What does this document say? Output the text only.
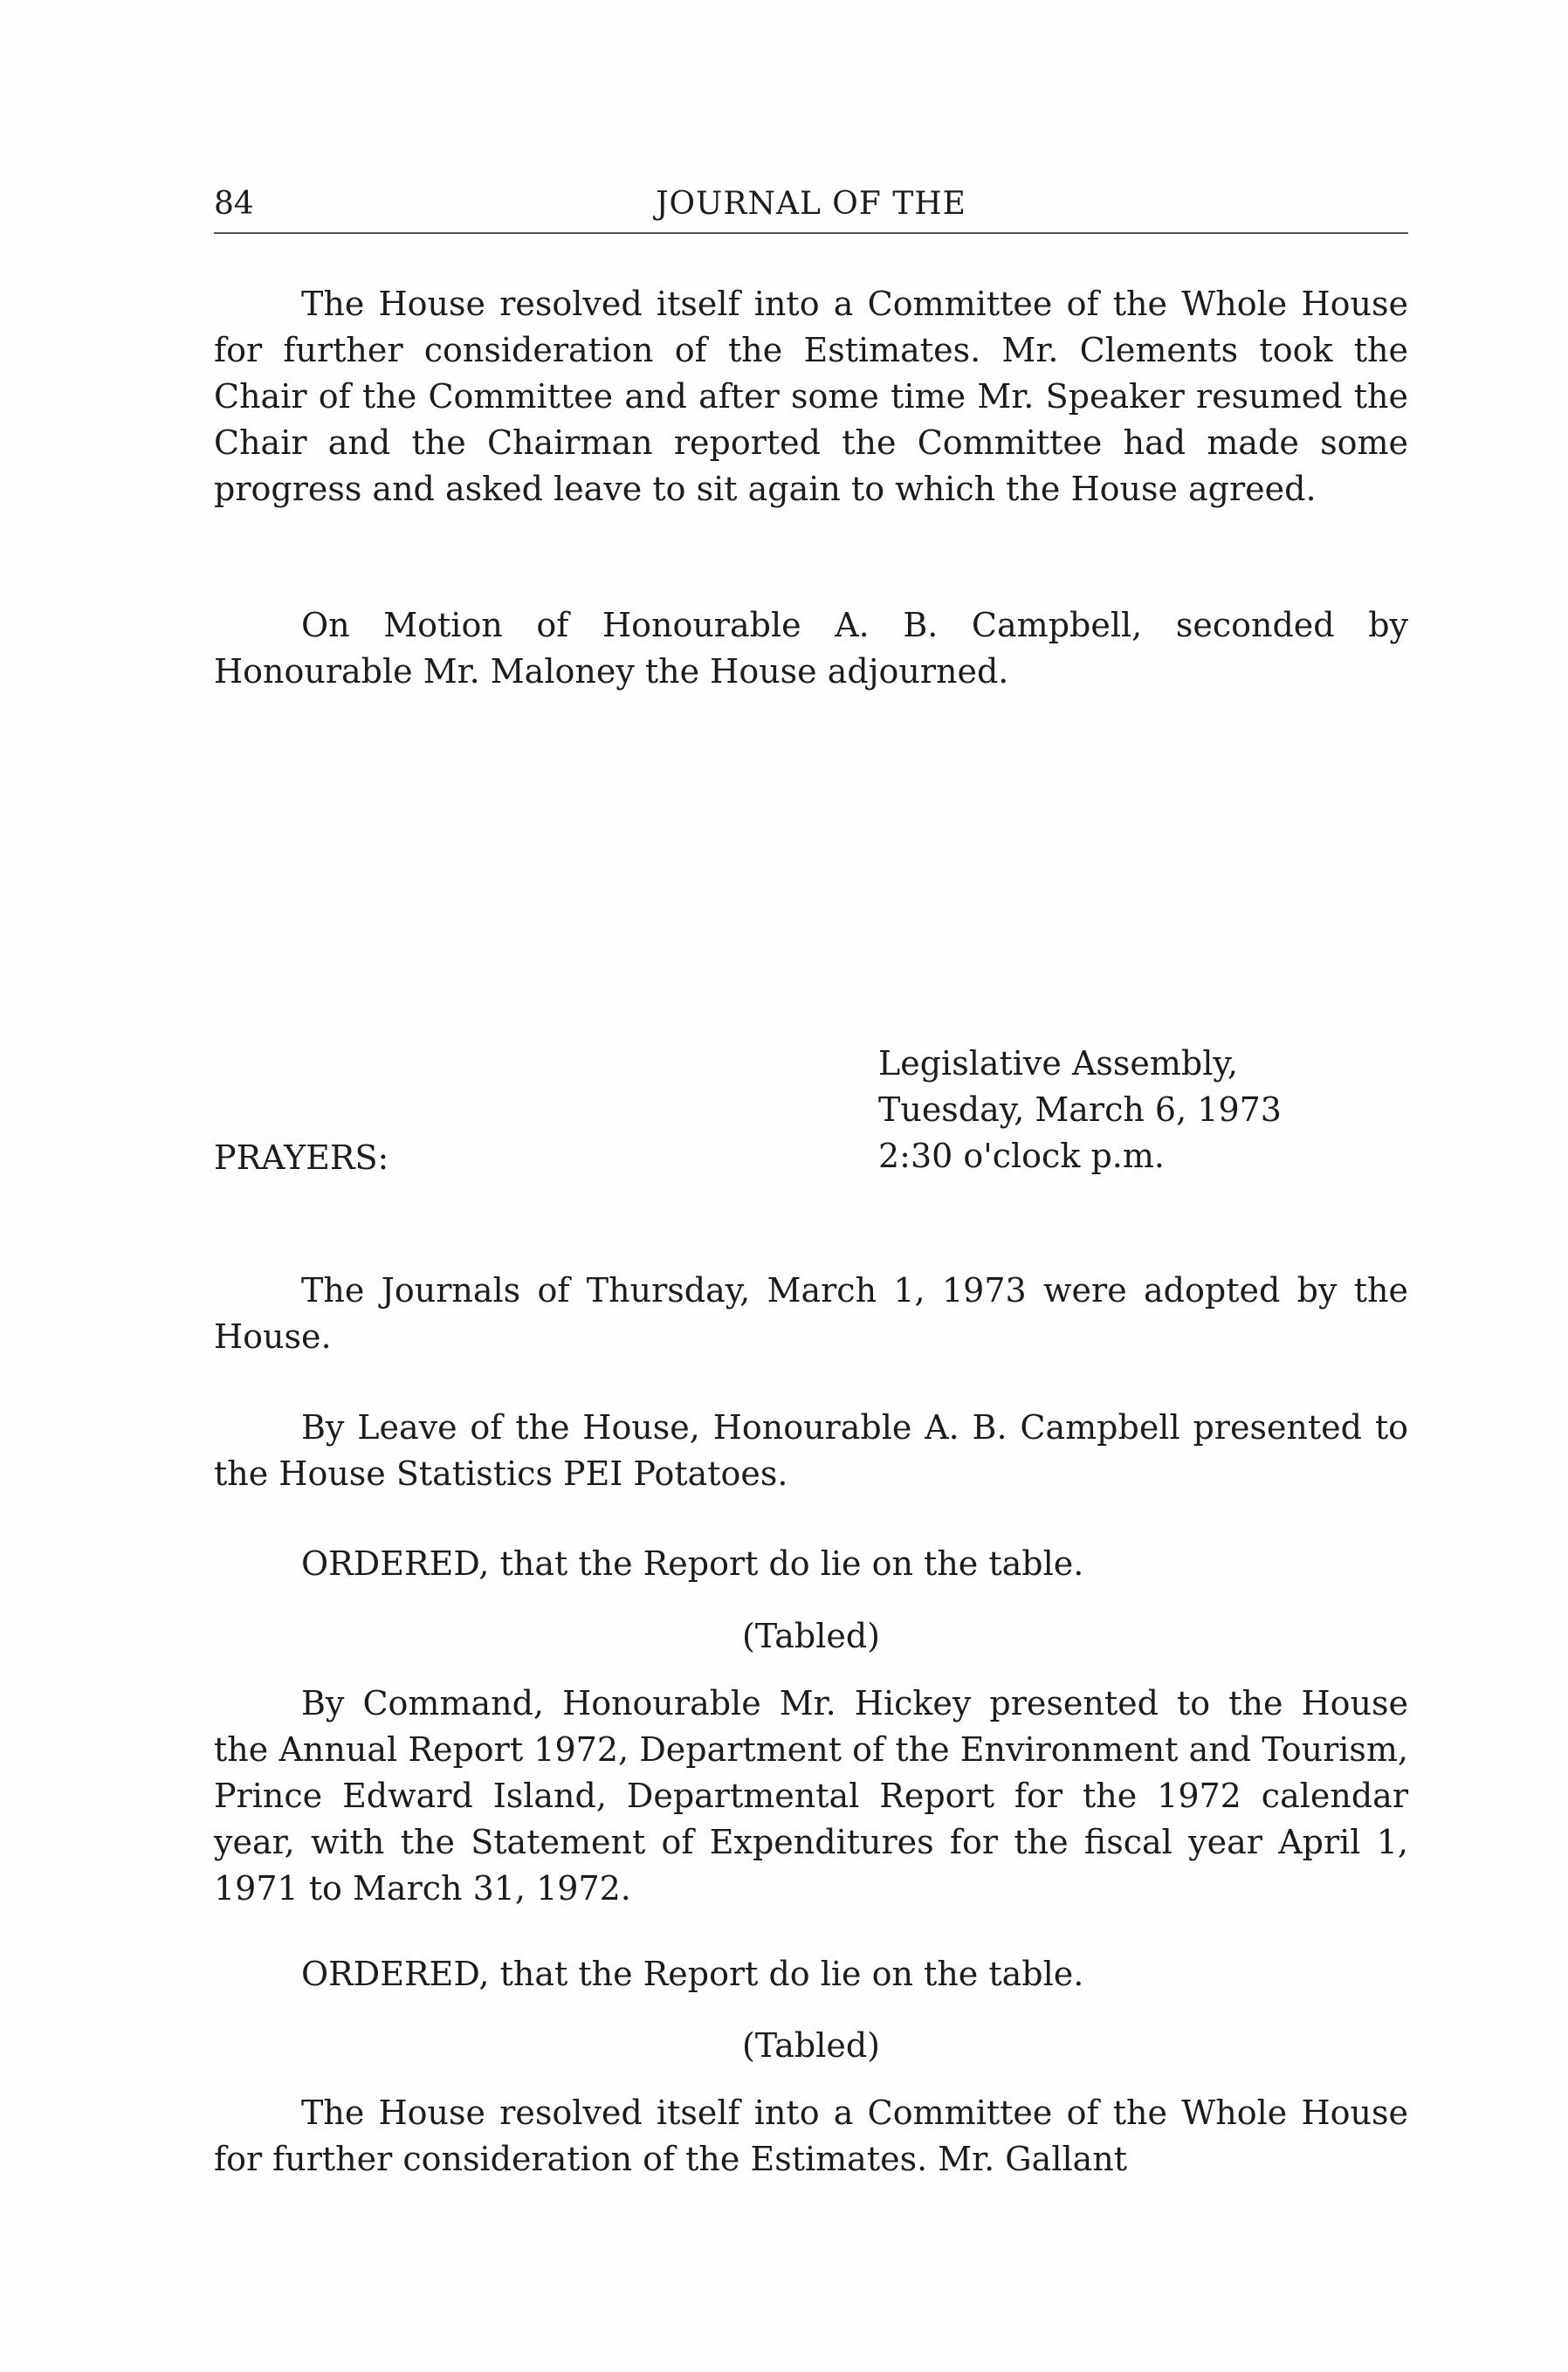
84	JOURNAL OF THE

The House resolved itself into a Committee of the Whole House for further consideration of the Estimates. Mr. Clements took the Chair of the Committee and after some time Mr. Speaker resumed the Chair and the Chairman reported the Committee had made some progress and asked leave to sit again to which the House agreed.

On Motion of Honourable A. B. Campbell, seconded by Honourable Mr. Maloney the House adjourned.

Legislative Assembly,
Tuesday, March 6, 1973
2:30 o'clock p.m.
PRAYERS:

The Journals of Thursday, March 1, 1973 were adopted by the House.

By Leave of the House, Honourable A. B. Campbell presented to the House Statistics PEI Potatoes.

ORDERED, that the Report do lie on the table.

(Tabled)

By Command, Honourable Mr. Hickey presented to the House the Annual Report 1972, Department of the Environment and Tourism, Prince Edward Island, Departmental Report for the 1972 calendar year, with the Statement of Expenditures for the fiscal year April 1, 1971 to March 31, 1972.

ORDERED, that the Report do lie on the table.

(Tabled)

The House resolved itself into a Committee of the Whole House for further consideration of the Estimates. Mr. Gallant
